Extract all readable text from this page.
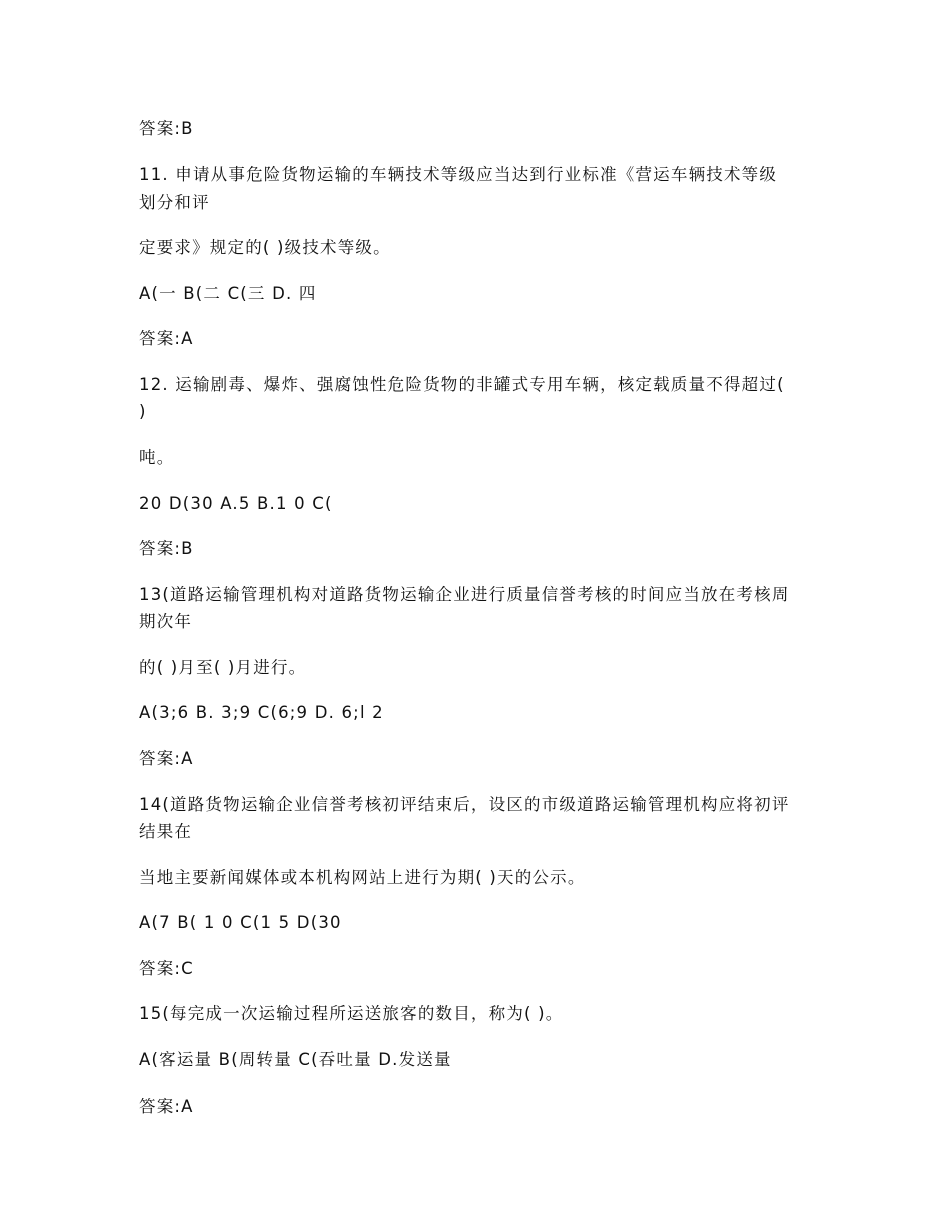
答案:B
11. 申请从事危险货物运输的车辆技术等级应当达到行业标准《营运车辆技术等级
划分和评
定要求》规定的( )级技术等级。
A(一 B(二 C(三 D. 四
答案:A
12. 运输剧毒、爆炸、强腐蚀性危险货物的非罐式专用车辆，核定载质量不得超过(
)
吨。
20 D(30 A.5 B.1 0 C(
答案:B
13(道路运输管理机构对道路货物运输企业进行质量信誉考核的时间应当放在考核周
期次年
的( )月至( )月进行。
A(3;6 B. 3;9 C(6;9 D. 6;l 2
答案:A
14(道路货物运输企业信誉考核初评结束后，设区的市级道路运输管理机构应将初评
结果在
当地主要新闻媒体或本机构网站上进行为期( )天的公示。
A(7 B( 1 0 C(1 5 D(30
答案:C
15(每完成一次运输过程所运送旅客的数目，称为( )。
A(客运量 B(周转量 C(吞吐量 D.发送量
答案:A
